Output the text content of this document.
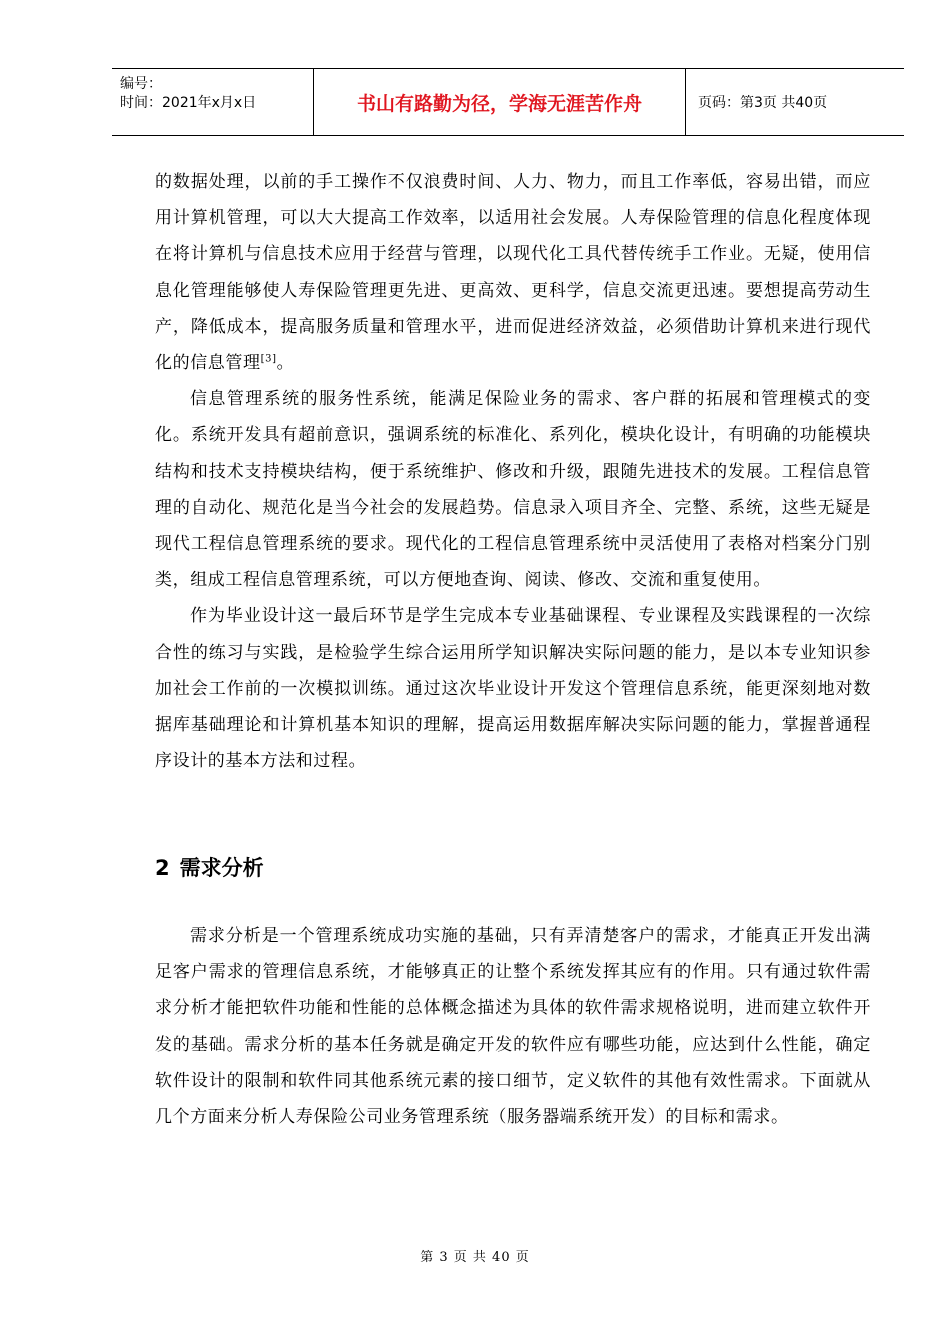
编号：
时间：2021年x月x日	书山有路勤为径，学海无涯苦作舟	页码：第3页 共40页

的数据处理，以前的手工操作不仅浪费时间、人力、物力，而且工作率低，容易出错，而应用计算机管理，可以大大提高工作效率，以适用社会发展。人寿保险管理的信息化程度体现在将计算机与信息技术应用于经营与管理，以现代化工具代替传统手工作业。无疑，使用信息化管理能够使人寿保险管理更先进、更高效、更科学，信息交流更迅速。要想提高劳动生产，降低成本，提高服务质量和管理水平，进而促进经济效益，必须借助计算机来进行现代化的信息管理[3]。

信息管理系统的服务性系统，能满足保险业务的需求、客户群的拓展和管理模式的变化。系统开发具有超前意识，强调系统的标准化、系列化，模块化设计，有明确的功能模块结构和技术支持模块结构，便于系统维护、修改和升级，跟随先进技术的发展。工程信息管理的自动化、规范化是当今社会的发展趋势。信息录入项目齐全、完整、系统，这些无疑是现代工程信息管理系统的要求。现代化的工程信息管理系统中灵活使用了表格对档案分门别类，组成工程信息管理系统，可以方便地查询、阅读、修改、交流和重复使用。

作为毕业设计这一最后环节是学生完成本专业基础课程、专业课程及实践课程的一次综合性的练习与实践，是检验学生综合运用所学知识解决实际问题的能力，是以本专业知识参加社会工作前的一次模拟训练。通过这次毕业设计开发这个管理信息系统，能更深刻地对数据库基础理论和计算机基本知识的理解，提高运用数据库解决实际问题的能力，掌握普通程序设计的基本方法和过程。

2 需求分析

需求分析是一个管理系统成功实施的基础，只有弄清楚客户的需求，才能真正开发出满足客户需求的管理信息系统，才能够真正的让整个系统发挥其应有的作用。只有通过软件需求分析才能把软件功能和性能的总体概念描述为具体的软件需求规格说明，进而建立软件开发的基础。需求分析的基本任务就是确定开发的软件应有哪些功能，应达到什么性能，确定软件设计的限制和软件同其他系统元素的接口细节，定义软件的其他有效性需求。下面就从几个方面来分析人寿保险公司业务管理系统（服务器端系统开发）的目标和需求。

第 3 页 共 40 页
